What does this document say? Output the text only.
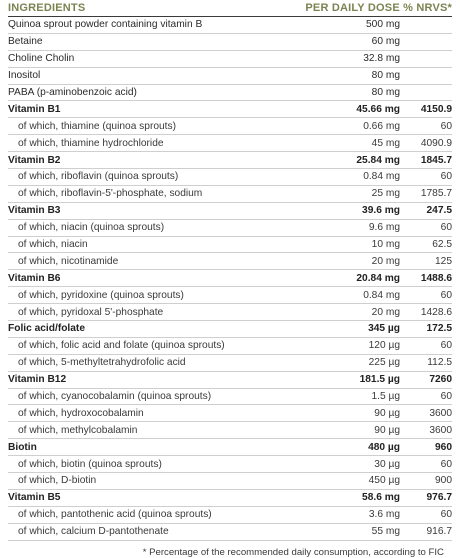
INGREDIENTS	PER DAILY DOSE % NRVS*	
Quinoa sprout powder containing vitamin B	500 mg	
Betaine	60 mg	
Choline Cholin	32.8 mg	
Inositol	80 mg	
PABA (p-aminobenzoic acid)	80 mg	
Vitamin B1	45.66 mg	4150.9
of which, thiamine (quinoa sprouts)	0.66 mg	60
of which, thiamine hydrochloride	45 mg	4090.9
Vitamin B2	25.84 mg	1845.7
of which, riboflavin (quinoa sprouts)	0.84 mg	60
of which, riboflavin-5'-phosphate, sodium	25 mg	1785.7
Vitamin B3	39.6 mg	247.5
of which, niacin (quinoa sprouts)	9.6 mg	60
of which, niacin	10 mg	62.5
of which, nicotinamide	20 mg	125
Vitamin B6	20.84 mg	1488.6
of which, pyridoxine (quinoa sprouts)	0.84 mg	60
of which, pyridoxal 5'-phosphate	20 mg	1428.6
Folic acid/folate	345 µg	172.5
of which, folic acid and folate (quinoa sprouts)	120 µg	60
of which, 5-methyltetrahydrofolic acid	225 µg	112.5
Vitamin B12	181.5 µg	7260
of which, cyanocobalamin (quinoa sprouts)	1.5 µg	60
of which, hydroxocobalamin	90 µg	3600
of which, methylcobalamin	90 µg	3600
Biotin	480 µg	960
of which, biotin (quinoa sprouts)	30 µg	60
of which, D-biotin	450 µg	900
Vitamin B5	58.6 mg	976.7
of which, pantothenic acid (quinoa sprouts)	3.6 mg	60
of which, calcium D-pantothenate	55 mg	916.7
* Percentage of the recommended daily consumption, according to FIC
